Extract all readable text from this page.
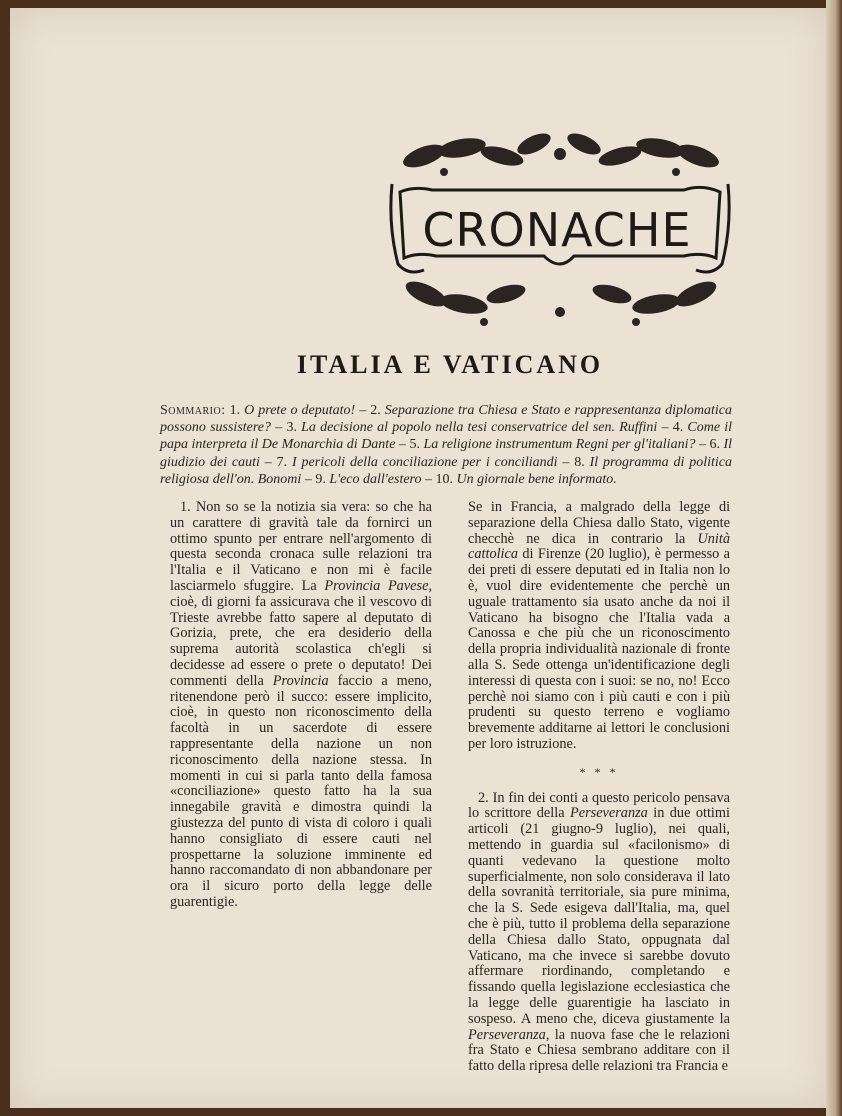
CRONACHE
ITALIA E VATICANO
Sommario: 1. O prete o deputato! – 2. Separazione tra Chiesa e Stato e rappresentanza diplomatica possono sussistere? – 3. La decisione al popolo nella tesi conservatrice del sen. Ruffini – 4. Come il papa interpreta il De Monarchia di Dante – 5. La religione instrumentum Regni per gl'italiani? – 6. Il giudizio dei cauti – 7. I pericoli della conciliazione per i conciliandi – 8. Il programma di politica religiosa dell'on. Bonomi – 9. L'eco dall'estero – 10. Un giornale bene informato.

1. Non so se la notizia sia vera: so che ha un carattere di gravità tale da fornirci un ottimo spunto per entrare nell'argomento di questa seconda cronaca sulle relazioni tra l'Italia e il Vaticano e non mi è facile lasciarmelo sfuggire. La Provincia Pavese, cioè, di giorni fa assicurava che il vescovo di Trieste avrebbe fatto sapere al deputato di Gorizia, prete, che era desiderio della suprema autorità scolastica ch'egli si decidesse ad essere o prete o deputato! Dei commenti della Provincia faccio a meno, ritenendone però il succo: essere implicito, cioè, in questo non riconoscimento della facoltà in un sacerdote di essere rappresentante della nazione un non riconoscimento della nazione stessa. In momenti in cui si parla tanto della famosa «conciliazione» questo fatto ha la sua innegabile gravità e dimostra quindi la giustezza del punto di vista di coloro i quali hanno consigliato di essere cauti nel prospettarne la soluzione imminente ed hanno raccomandato di non abbandonare per ora il sicuro porto della legge delle guarentigie.

Se in Francia, a malgrado della legge di separazione della Chiesa dallo Stato, vigente checchè ne dica in contrario la Unità cattolica di Firenze (20 luglio), è permesso a dei preti di essere deputati ed in Italia non lo è, vuol dire evidentemente che perchè un uguale trattamento sia usato anche da noi il Vaticano ha bisogno che l'Italia vada a Canossa e che più che un riconoscimento della propria individualità nazionale di fronte alla S. Sede ottenga un'identificazione degli interessi di questa con i suoi: se no, no! Ecco perchè noi siamo con i più cauti e con i più prudenti su questo terreno e vogliamo brevemente additarne ai lettori le conclusioni per loro istruzione.

* * *

2. In fin dei conti a questo pericolo pensava lo scrittore della Perseveranza in due ottimi articoli (21 giugno-9 luglio), nei quali, mettendo in guardia sul «facilonismo» di quanti vedevano la questione molto superficialmente, non solo considerava il lato della sovranità territoriale, sia pure minima, che la S. Sede esigeva dall'Italia, ma, quel che è più, tutto il problema della separazione della Chiesa dallo Stato, oppugnata dal Vaticano, ma che invece si sarebbe dovuto affermare riordinando, completando e fissando quella legislazione ecclesiastica che la legge delle guarentigie ha lasciato in sospeso. A meno che, diceva giustamente la Perseveranza, la nuova fase che le relazioni fra Stato e Chiesa sembrano additare con il fatto della ripresa delle relazioni tra Francia e
